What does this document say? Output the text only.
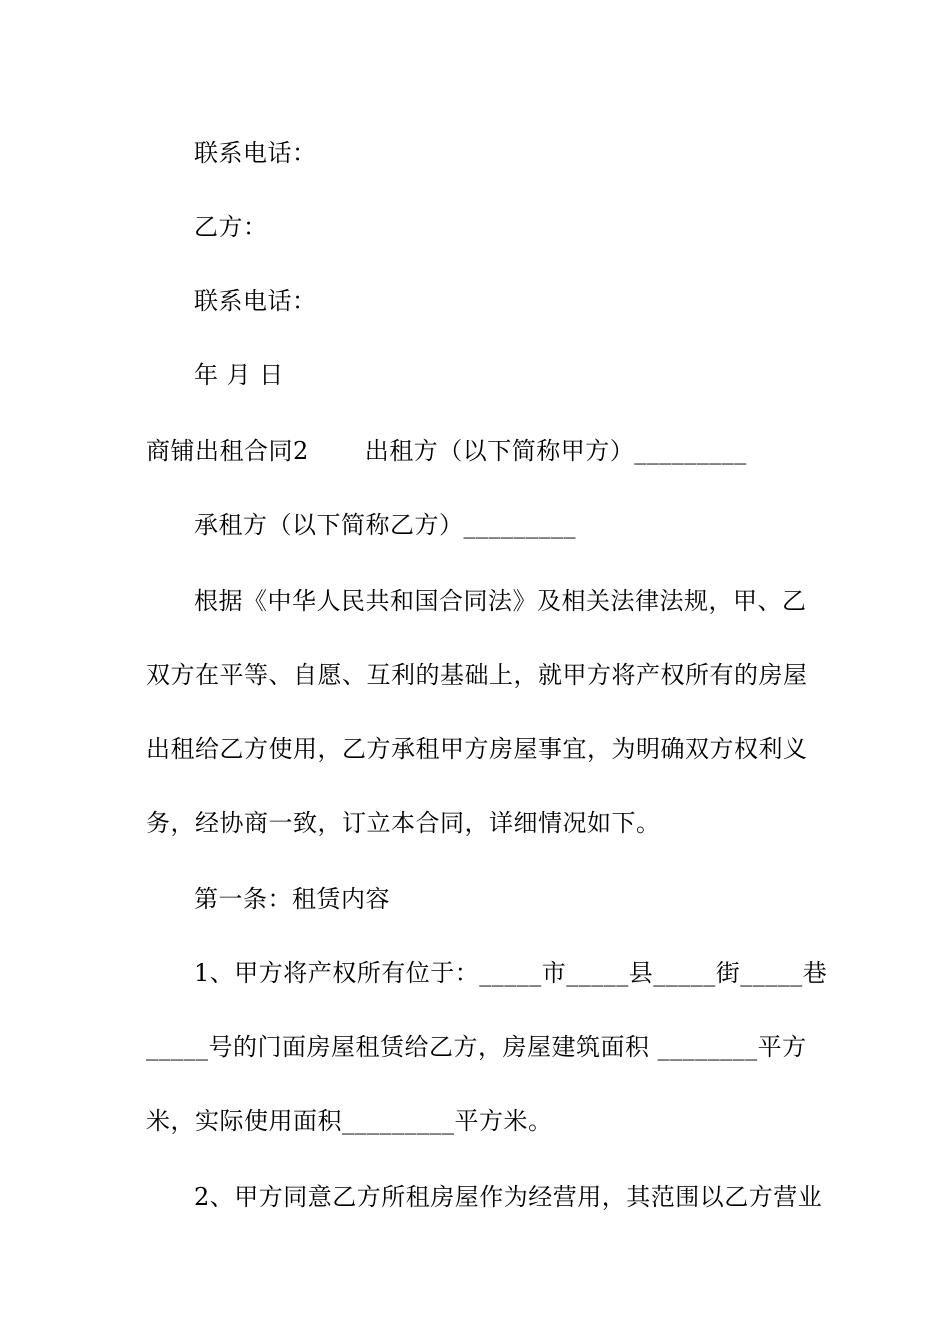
联系电话：
乙方：
联系电话：
年 月 日
商铺出租合同2 出租方（以下简称甲方）_________
承租方（以下简称乙方）_________
根据《中华人民共和国合同法》及相关法律法规，甲、乙
双方在平等、自愿、互利的基础上，就甲方将产权所有的房屋
出租给乙方使用，乙方承租甲方房屋事宜，为明确双方权利义
务，经协商一致，订立本合同，详细情况如下。
第一条：租赁内容
1、甲方将产权所有位于：_____市_____县_____街_____巷
_____号的门面房屋租赁给乙方，房屋建筑面积 ________平方
米，实际使用面积_________平方米。
2、甲方同意乙方所租房屋作为经营用，其范围以乙方营业
